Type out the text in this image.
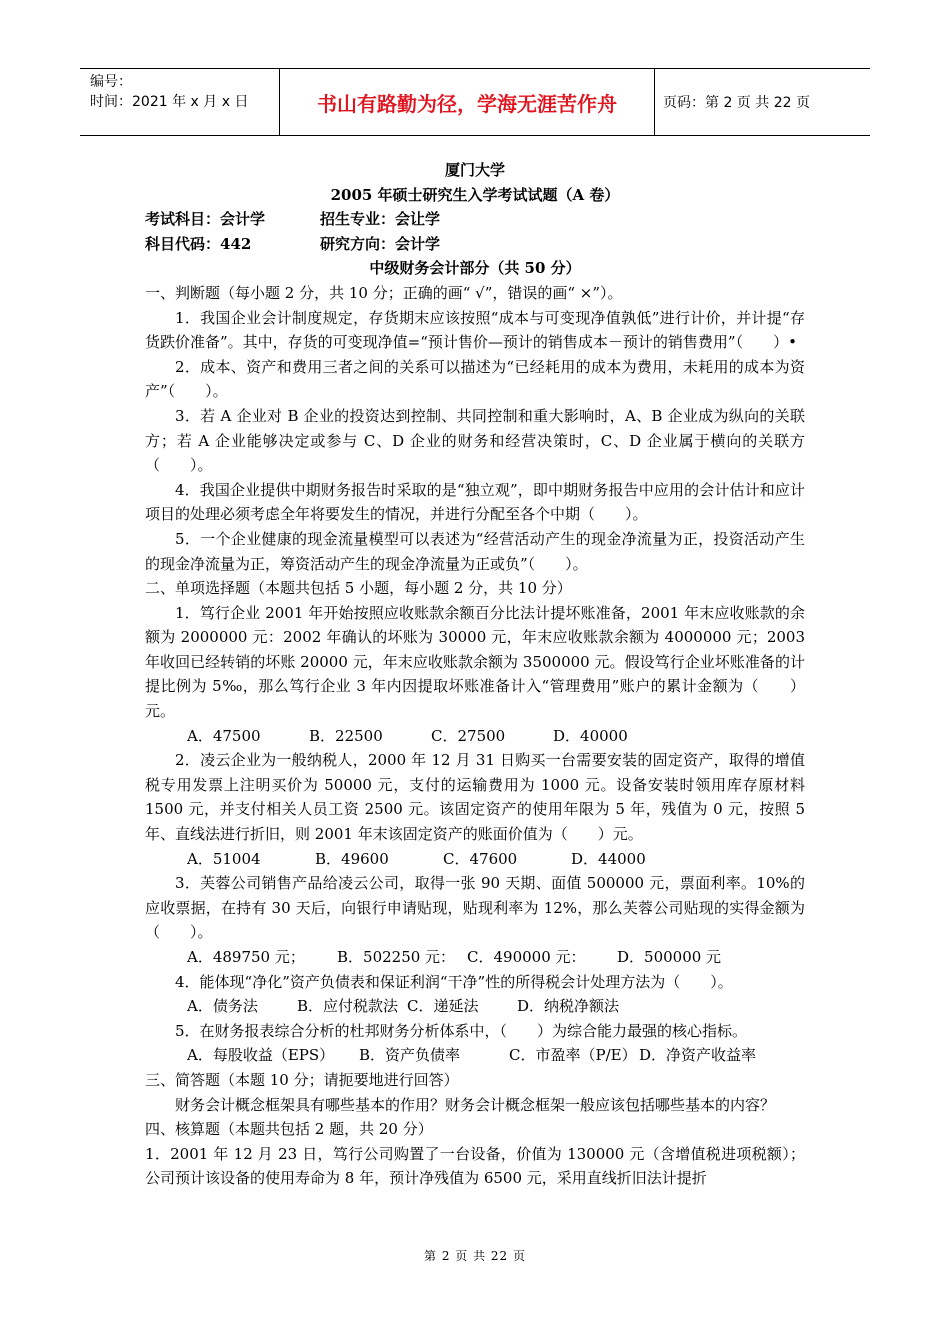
编号：
时间：2021 年 x 月 x 日	书山有路勤为径，学海无涯苦作舟	页码：第 2 页 共 22 页
厦门大学
2005 年硕士研究生入学考试试题（A 卷）
考试科目：会计学	招生专业：会让学
科目代码：442	研究方向：会计学
中级财务会计部分（共 50 分）
一、判断题（每小题 2 分，共 10 分；正确的画“ √”，错误的画“ ×”）。
1．我国企业会计制度规定，存货期末应该按照“成本与可变现净值孰低”进行计价，并计提“存货跌价准备”。其中，存货的可变现净值=“预计售价—预计的销售成本－预计的销售费用”（　　）•
2．成本、资产和费用三者之间的关系可以描述为“已经耗用的成本为费用，未耗用的成本为资产”（　　）。
3．若 A 企业对 B 企业的投资达到控制、共同控制和重大影响时，A、B 企业成为纵向的关联方；若 A 企业能够决定或参与 C、D 企业的财务和经营决策时，C、D 企业属于横向的关联方（　　）。
4．我国企业提供中期财务报告时采取的是“独立观”，即中期财务报告中应用的会计估计和应计项目的处理必须考虑全年将要发生的情况，并进行分配至各个中期（　　）。
5．一个企业健康的现金流量模型可以表述为“经营活动产生的现金净流量为正，投资活动产生的现金净流量为正，筹资活动产生的现金净流量为正或负”（　　）。
二、单项选择题（本题共包括 5 小题，每小题 2 分，共 10 分）
1．笃行企业 2001 年开始按照应收账款余额百分比法计提坏账准备，2001 年末应收账款的余额为 2000000 元：2002 年确认的坏账为 30000 元，年末应收账款余额为 4000000 元；2003 年收回已经转销的坏账 20000 元，年末应收账款余额为 3500000 元。假设笃行企业坏账准备的计提比例为 5‰，那么笃行企业 3 年内因提取坏账准备计入“管理费用”账户的累计金额为（　　）元。
A．47500	B．22500	C．27500	D．40000
2．凌云企业为一般纳税人，2000 年 12 月 31 日购买一台需要安装的固定资产，取得的增值税专用发票上注明买价为 50000 元，支付的运输费用为 1000 元。设备安装时领用库存原材料 1500 元，并支付相关人员工资 2500 元。该固定资产的使用年限为 5 年，残值为 0 元，按照 5 年、直线法进行折旧，则 2001 年末该固定资产的账面价值为（　　）元。
A．51004	B．49600	C．47600	D．44000
3．芙蓉公司销售产品给凌云公司，取得一张 90 天期、面值 500000 元，票面利率。10%的应收票据，在持有 30 天后，向银行申请贴现，贴现利率为 12%，那么芙蓉公司贴现的实得金额为（　　）。
A．489750 元；	B．502250 元： C．490000 元：	D．500000 元
4．能体现“净化”资产负债表和保证利润“干净”性的所得税会计处理方法为（　　）。
A．债务法	B．应付税款法 C．递延法	D．纳税净额法
5．在财务报表综合分析的杜邦财务分析体系中，（　　）为综合能力最强的核心指标。
A．每股收益（EPS）	B．资产负债率	C．市盈率（P/E） D．净资产收益率
三、简答题（本题 10 分；请扼要地进行回答）
财务会计概念框架具有哪些基本的作用？财务会计概念框架一般应该包括哪些基本的内容？
四、核算题（本题共包括 2 题，共 20 分）
1．2001 年 12 月 23 日，笃行公司购置了一台设备，价值为 130000 元（含增值税进项税额）；公司预计该设备的使用寿命为 8 年，预计净残值为 6500 元，采用直线折旧法计提折
第 2 页 共 22 页
